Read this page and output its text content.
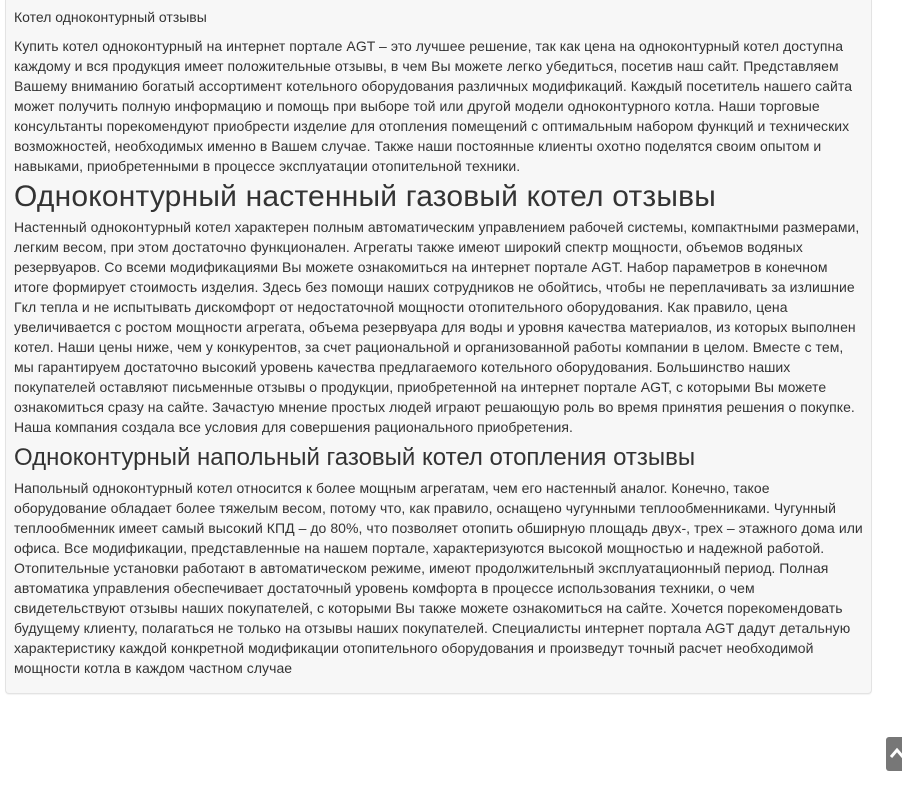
Котел одноконтурный отзывы

Купить котел одноконтурный на интернет портале AGT – это лучшее решение, так как цена на одноконтурный котел доступна каждому и вся продукция имеет положительные отзывы, в чем Вы можете легко убедиться, посетив наш сайт. Представляем Вашему вниманию богатый ассортимент котельного оборудования различных модификаций. Каждый посетитель нашего сайта может получить полную информацию и помощь при выборе той или другой модели одноконтурного котла. Наши торговые консультанты порекомендуют приобрести изделие для отопления помещений с оптимальным набором функций и технических возможностей, необходимых именно в Вашем случае. Также наши постоянные клиенты охотно поделятся своим опытом и навыками, приобретенными в процессе эксплуатации отопительной техники.

Одноконтурный настенный газовый котел отзывы

Настенный одноконтурный котел характерен полным автоматическим управлением рабочей системы, компактными размерами, легким весом, при этом достаточно функционален. Агрегаты также имеют широкий спектр мощности, объемов водяных резервуаров. Со всеми модификациями Вы можете ознакомиться на интернет портале AGT. Набор параметров в конечном итоге формирует стоимость изделия. Здесь без помощи наших сотрудников не обойтись, чтобы не переплачивать за излишние Гкл тепла и не испытывать дискомфорт от недостаточной мощности отопительного оборудования. Как правило, цена увеличивается с ростом мощности агрегата, объема резервуара для воды и уровня качества материалов, из которых выполнен котел. Наши цены ниже, чем у конкурентов, за счет рациональной и организованной работы компании в целом. Вместе с тем, мы гарантируем достаточно высокий уровень качества предлагаемого котельного оборудования. Большинство наших покупателей оставляют письменные отзывы о продукции, приобретенной на интернет портале AGT, с которыми Вы можете ознакомиться сразу на сайте. Зачастую мнение простых людей играют решающую роль во время принятия решения о покупке. Наша компания создала все условия для совершения рационального приобретения.

Одноконтурный напольный газовый котел отопления отзывы

Напольный одноконтурный котел относится к более мощным агрегатам, чем его настенный аналог. Конечно, такое оборудование обладает более тяжелым весом, потому что, как правило, оснащено чугунными теплообменниками. Чугунный теплообменник имеет самый высокий КПД – до 80%, что позволяет отопить обширную площадь двух-, трех – этажного дома или офиса. Все модификации, представленные на нашем портале, характеризуются высокой мощностью и надежной работой. Отопительные установки работают в автоматическом режиме, имеют продолжительный эксплуатационный период. Полная автоматика управления обеспечивает достаточный уровень комфорта в процессе использования техники, о чем свидетельствуют отзывы наших покупателей, с которыми Вы также можете ознакомиться на сайте. Хочется порекомендовать будущему клиенту, полагаться не только на отзывы наших покупателей. Специалисты интернет портала AGT дадут детальную характеристику каждой конкретной модификации отопительного оборудования и произведут точный расчет необходимой мощности котла в каждом частном случае
